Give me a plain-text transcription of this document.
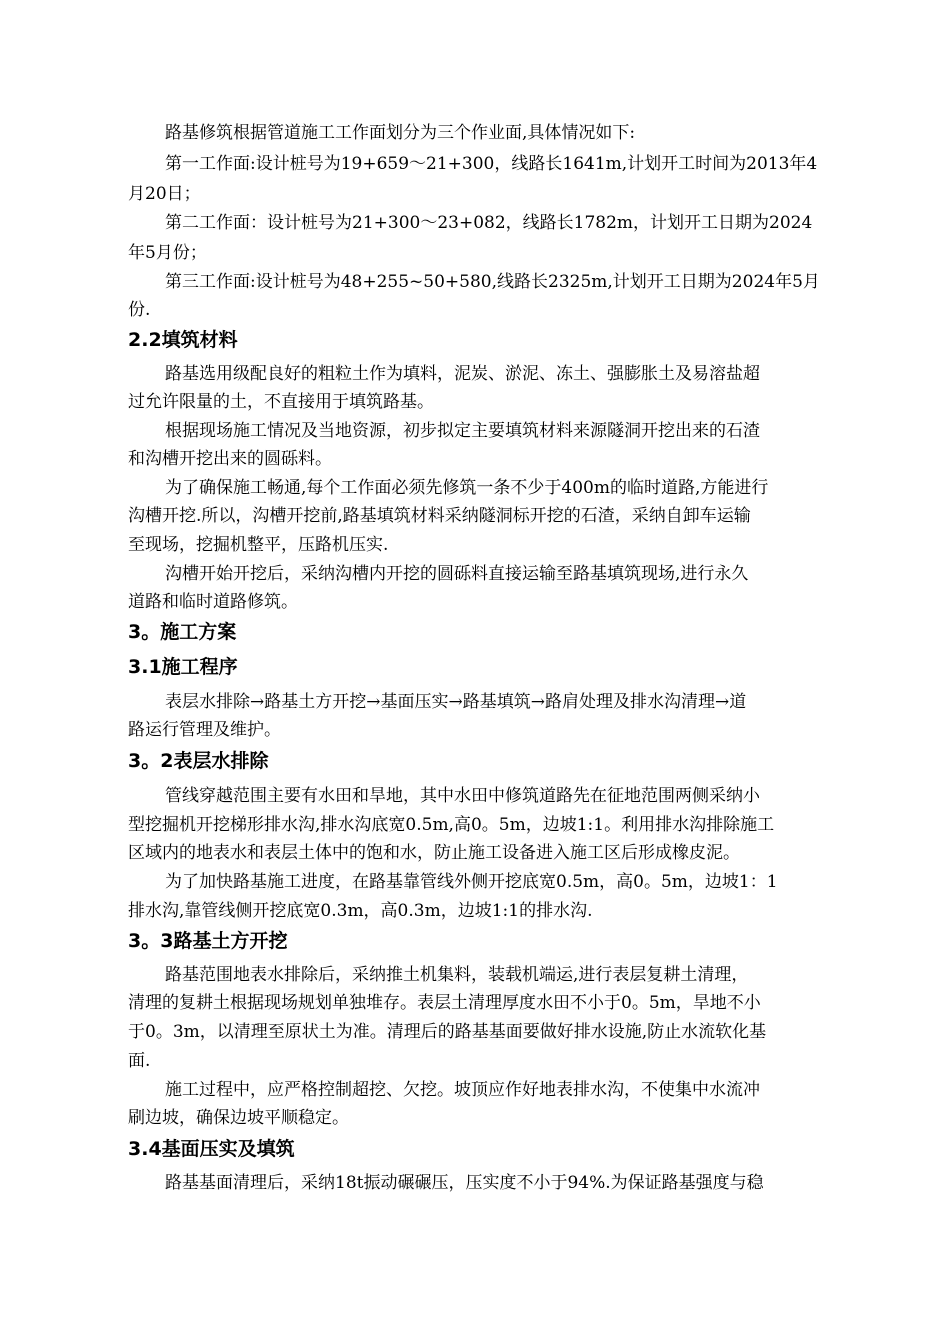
路基修筑根据管道施工工作面划分为三个作业面,具体情况如下:
第一工作面:设计桩号为19+659～21+300，线路长1641m,计划开工时间为2013年4
月20日；
第二工作面：设计桩号为21+300～23+082，线路长1782m，计划开工日期为2024
年5月份；
第三工作面:设计桩号为48+255~50+580,线路长2325m,计划开工日期为2024年5月
份.
2.2填筑材料
路基选用级配良好的粗粒土作为填料，泥炭、淤泥、冻土、强膨胀土及易溶盐超
过允许限量的土，不直接用于填筑路基。
根据现场施工情况及当地资源，初步拟定主要填筑材料来源隧洞开挖出来的石渣
和沟槽开挖出来的圆砾料。
为了确保施工畅通,每个工作面必须先修筑一条不少于400m的临时道路,方能进行
沟槽开挖.所以，沟槽开挖前,路基填筑材料采纳隧洞标开挖的石渣，采纳自卸车运输
至现场，挖掘机整平，压路机压实.
沟槽开始开挖后，采纳沟槽内开挖的圆砾料直接运输至路基填筑现场,进行永久
道路和临时道路修筑。
3。施工方案
3.1施工程序
表层水排除→路基土方开挖→基面压实→路基填筑→路肩处理及排水沟清理→道
路运行管理及维护。
3。2表层水排除
管线穿越范围主要有水田和旱地，其中水田中修筑道路先在征地范围两侧采纳小
型挖掘机开挖梯形排水沟,排水沟底宽0.5m,高0。5m，边坡1:1。利用排水沟排除施工
区域内的地表水和表层土体中的饱和水，防止施工设备进入施工区后形成橡皮泥。
为了加快路基施工进度，在路基靠管线外侧开挖底宽0.5m，高0。5m，边坡1：1
排水沟,靠管线侧开挖底宽0.3m，高0.3m，边坡1:1的排水沟.
3。3路基土方开挖
路基范围地表水排除后，采纳推土机集料，装载机端运,进行表层复耕土清理，
清理的复耕土根据现场规划单独堆存。表层土清理厚度水田不小于0。5m，旱地不小
于0。3m，以清理至原状土为准。清理后的路基基面要做好排水设施,防止水流软化基
面.
施工过程中，应严格控制超挖、欠挖。坡顶应作好地表排水沟，不使集中水流冲
刷边坡，确保边坡平顺稳定。
3.4基面压实及填筑
路基基面清理后，采纳18t振动碾碾压，压实度不小于94%.为保证路基强度与稳
